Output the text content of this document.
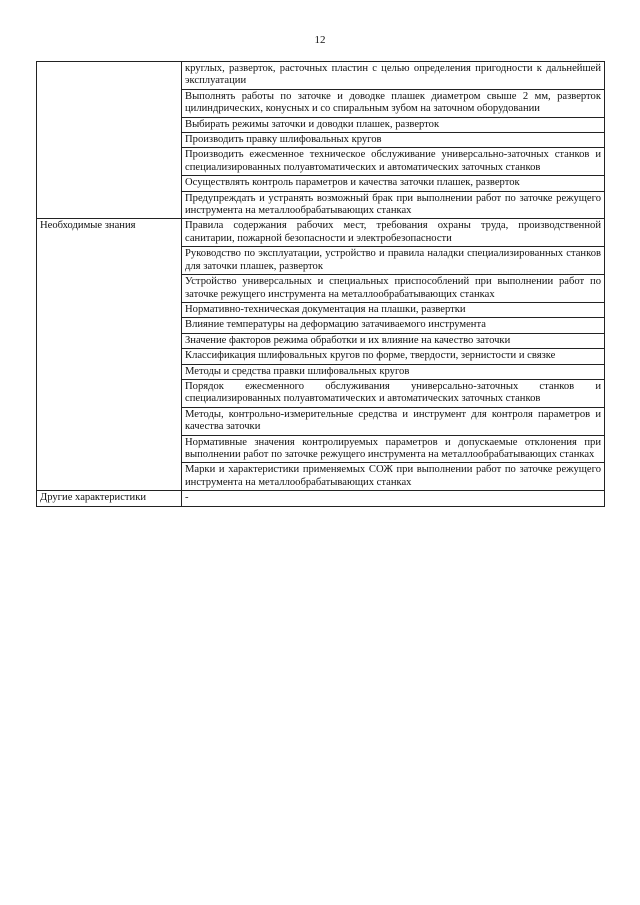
12
	круглых, разверток, расточных пластин с целью определения пригодности к дальнейшей эксплуатации
	Выполнять работы по заточке и доводке плашек диаметром свыше 2 мм, разверток цилиндрических, конусных и со спиральным зубом на заточном оборудовании
	Выбирать режимы заточки и доводки плашек, разверток
	Производить правку шлифовальных кругов
	Производить ежесменное техническое обслуживание универсально-заточных станков и специализированных полуавтоматических и автоматических заточных станков
	Осуществлять контроль параметров и качества заточки плашек, разверток
	Предупреждать и устранять возможный брак при выполнении работ по заточке режущего инструмента на металлообрабатывающих станках
Необходимые знания	Правила содержания рабочих мест, требования охраны труда, производственной санитарии, пожарной безопасности и электробезопасности
	Руководство по эксплуатации, устройство и правила наладки специализированных станков для заточки плашек, разверток
	Устройство универсальных и специальных приспособлений при выполнении работ по заточке режущего инструмента на металлообрабатывающих станках
	Нормативно-техническая документация на плашки, развертки
	Влияние температуры на деформацию затачиваемого инструмента
	Значение факторов режима обработки и их влияние на качество заточки
	Классификация шлифовальных кругов по форме, твердости, зернистости и связке
	Методы и средства правки шлифовальных кругов
	Порядок ежесменного обслуживания универсально-заточных станков и специализированных полуавтоматических и автоматических заточных станков
	Методы, контрольно-измерительные средства и инструмент для контроля параметров и качества заточки
	Нормативные значения контролируемых параметров и допускаемые отклонения при выполнении работ по заточке режущего инструмента на металлообрабатывающих станках
	Марки и характеристики применяемых СОЖ при выполнении работ по заточке режущего инструмента на металлообрабатывающих станках
Другие характеристики	-
